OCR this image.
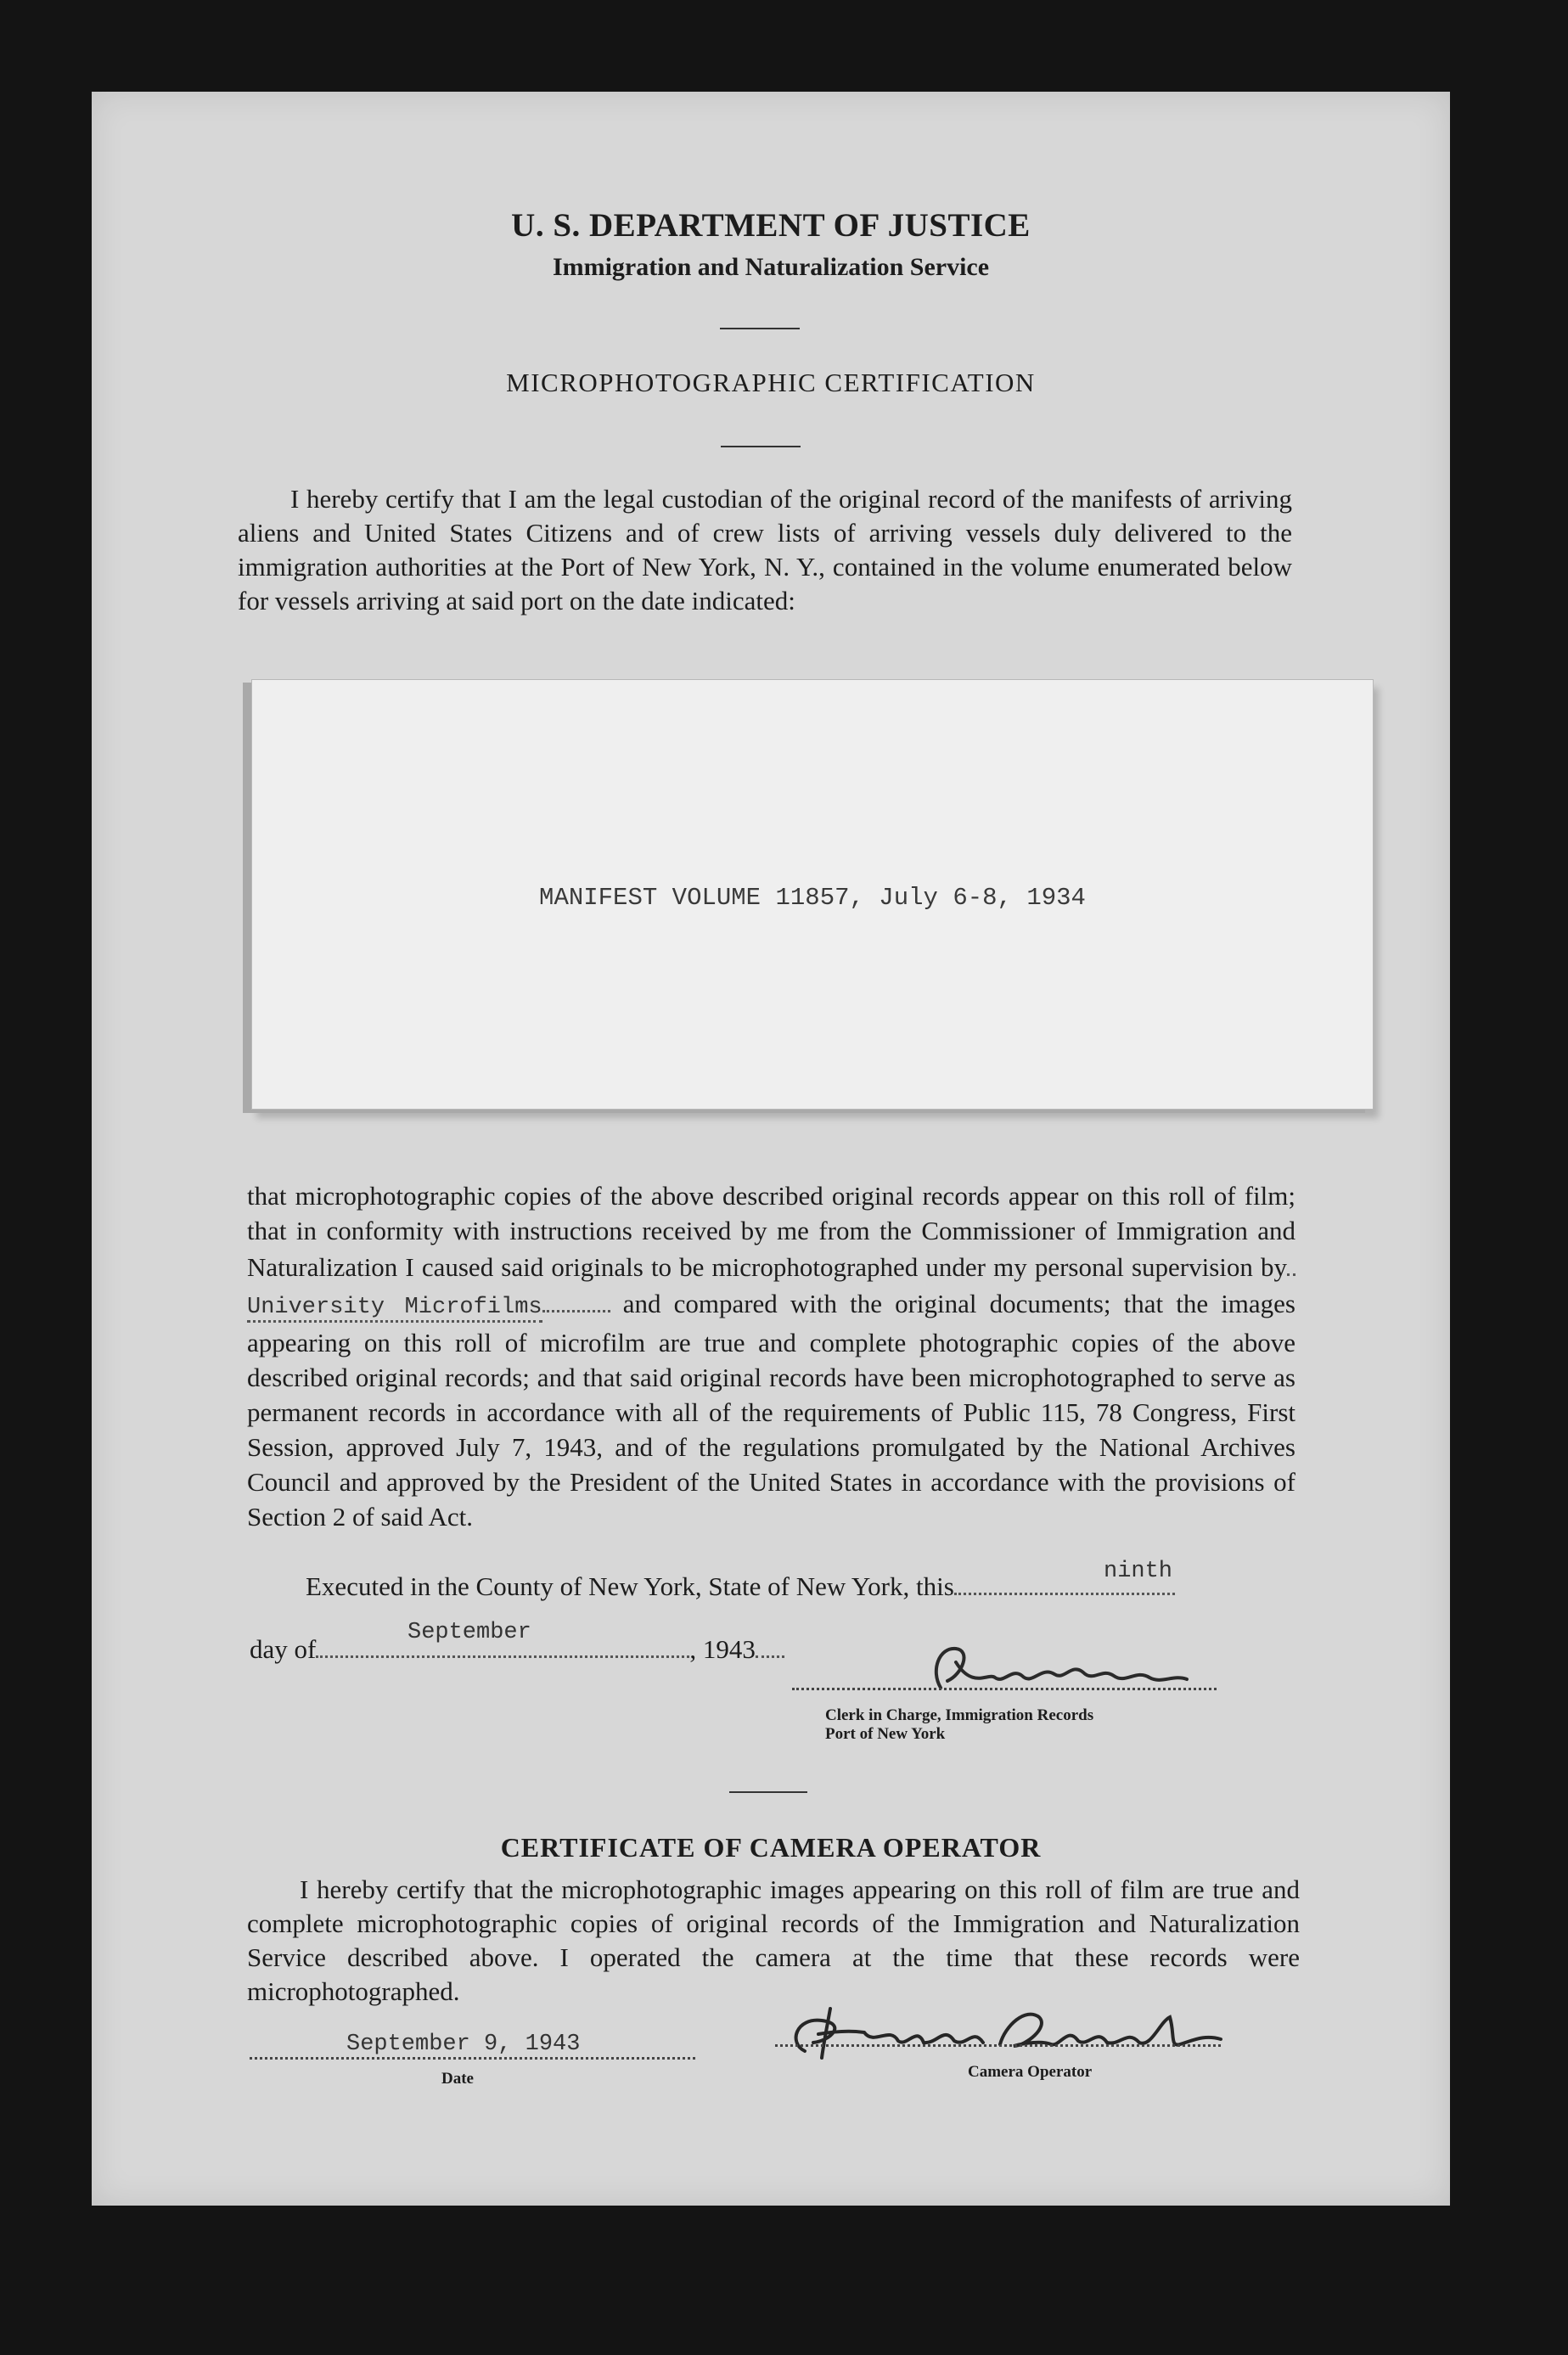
U. S. DEPARTMENT OF JUSTICE
Immigration and Naturalization Service
MICROPHOTOGRAPHIC CERTIFICATION

I hereby certify that I am the legal custodian of the original record of the manifests of arriving aliens and United States Citizens and of crew lists of arriving vessels duly delivered to the immigration authorities at the Port of New York, N. Y., contained in the volume enumerated below for vessels arriving at said port on the date indicated:

MANIFEST VOLUME 11857, July 6-8, 1934

that microphotographic copies of the above described original records appear on this roll of film; that in conformity with instructions received by me from the Commissioner of Immigration and Naturalization I caused said originals to be microphotographed under my personal supervision byUniversity Microfilms	and compared with the original documents; that the images appearing on this roll of microfilm are true and complete photographic copies of the above described original records; and that said original records have been microphotographed to serve as permanent records in accordance with all of the requirements of Public 115, 78 Congress, First Session, approved July 7, 1943, and of the regulations promulgated by the National Archives Council and approved by the President of the United States in accordance with the provisions of Section 2 of said Act.

Executed in the County of New York, State of New York, this	ninth
day of	, 1943
September
Clerk in Charge, Immigration Records
Port of New York
CERTIFICATE OF CAMERA OPERATOR

I hereby certify that the microphotographic images appearing on this roll of film are true and complete microphotographic copies of original records of the Immigration and Naturalization Service described above. I operated the camera at the time that these records were microphotographed.

September 9, 1943
Date	Camera Operator
